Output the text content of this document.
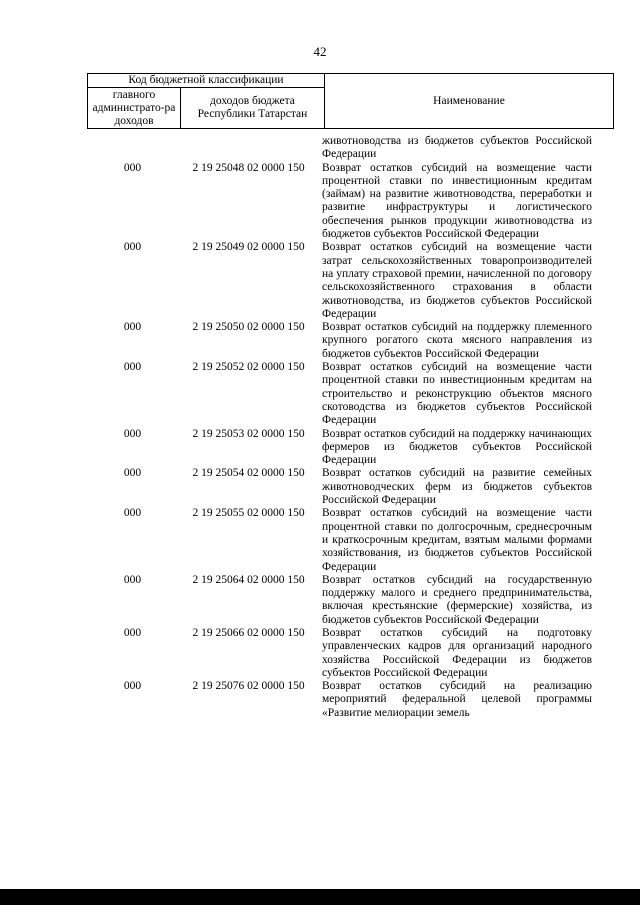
42
Код бюджетной классификации		Наименование
главного администрато-ра доходов	доходов бюджета Республики Татарстан	
животноводства из бюджетов субъектов Российской Федерации
000	2 19 25048 02 0000 150	Возврат остатков субсидий на возмещение части процентной ставки по инвестиционным кредитам (займам) на развитие животноводства, переработки и развитие инфраструктуры и логистического обеспечения рынков продукции животноводства из бюджетов субъектов Российской Федерации
000	2 19 25049 02 0000 150	Возврат остатков субсидий на возмещение части затрат сельскохозяйственных товаропроизводителей на уплату страховой премии, начисленной по договору сельскохозяйственного страхования в области животноводства, из бюджетов субъектов Российской Федерации
000	2 19 25050 02 0000 150	Возврат остатков субсидий на поддержку племенного крупного рогатого скота мясного направления из бюджетов субъектов Российской Федерации
000	2 19 25052 02 0000 150	Возврат остатков субсидий на возмещение части процентной ставки по инвестиционным кредитам на строительство и реконструкцию объектов мясного скотоводства из бюджетов субъектов Российской Федерации
000	2 19 25053 02 0000 150	Возврат остатков субсидий на поддержку начинающих фермеров из бюджетов субъектов Российской Федерации
000	2 19 25054 02 0000 150	Возврат остатков субсидий на развитие семейных животноводческих ферм из бюджетов субъектов Российской Федерации
000	2 19 25055 02 0000 150	Возврат остатков субсидий на возмещение части процентной ставки по долгосрочным, среднесрочным и краткосрочным кредитам, взятым малыми формами хозяйствования, из бюджетов субъектов Российской Федерации
000	2 19 25064 02 0000 150	Возврат остатков субсидий на государственную поддержку малого и среднего предпринимательства, включая крестьянские (фермерские) хозяйства, из бюджетов субъектов Российской Федерации
000	2 19 25066 02 0000 150	Возврат остатков субсидий на подготовку управленческих кадров для организаций народного хозяйства Российской Федерации из бюджетов субъектов Российской Федерации
000	2 19 25076 02 0000 150	Возврат остатков субсидий на реализацию мероприятий федеральной целевой программы «Развитие мелиорации земель
